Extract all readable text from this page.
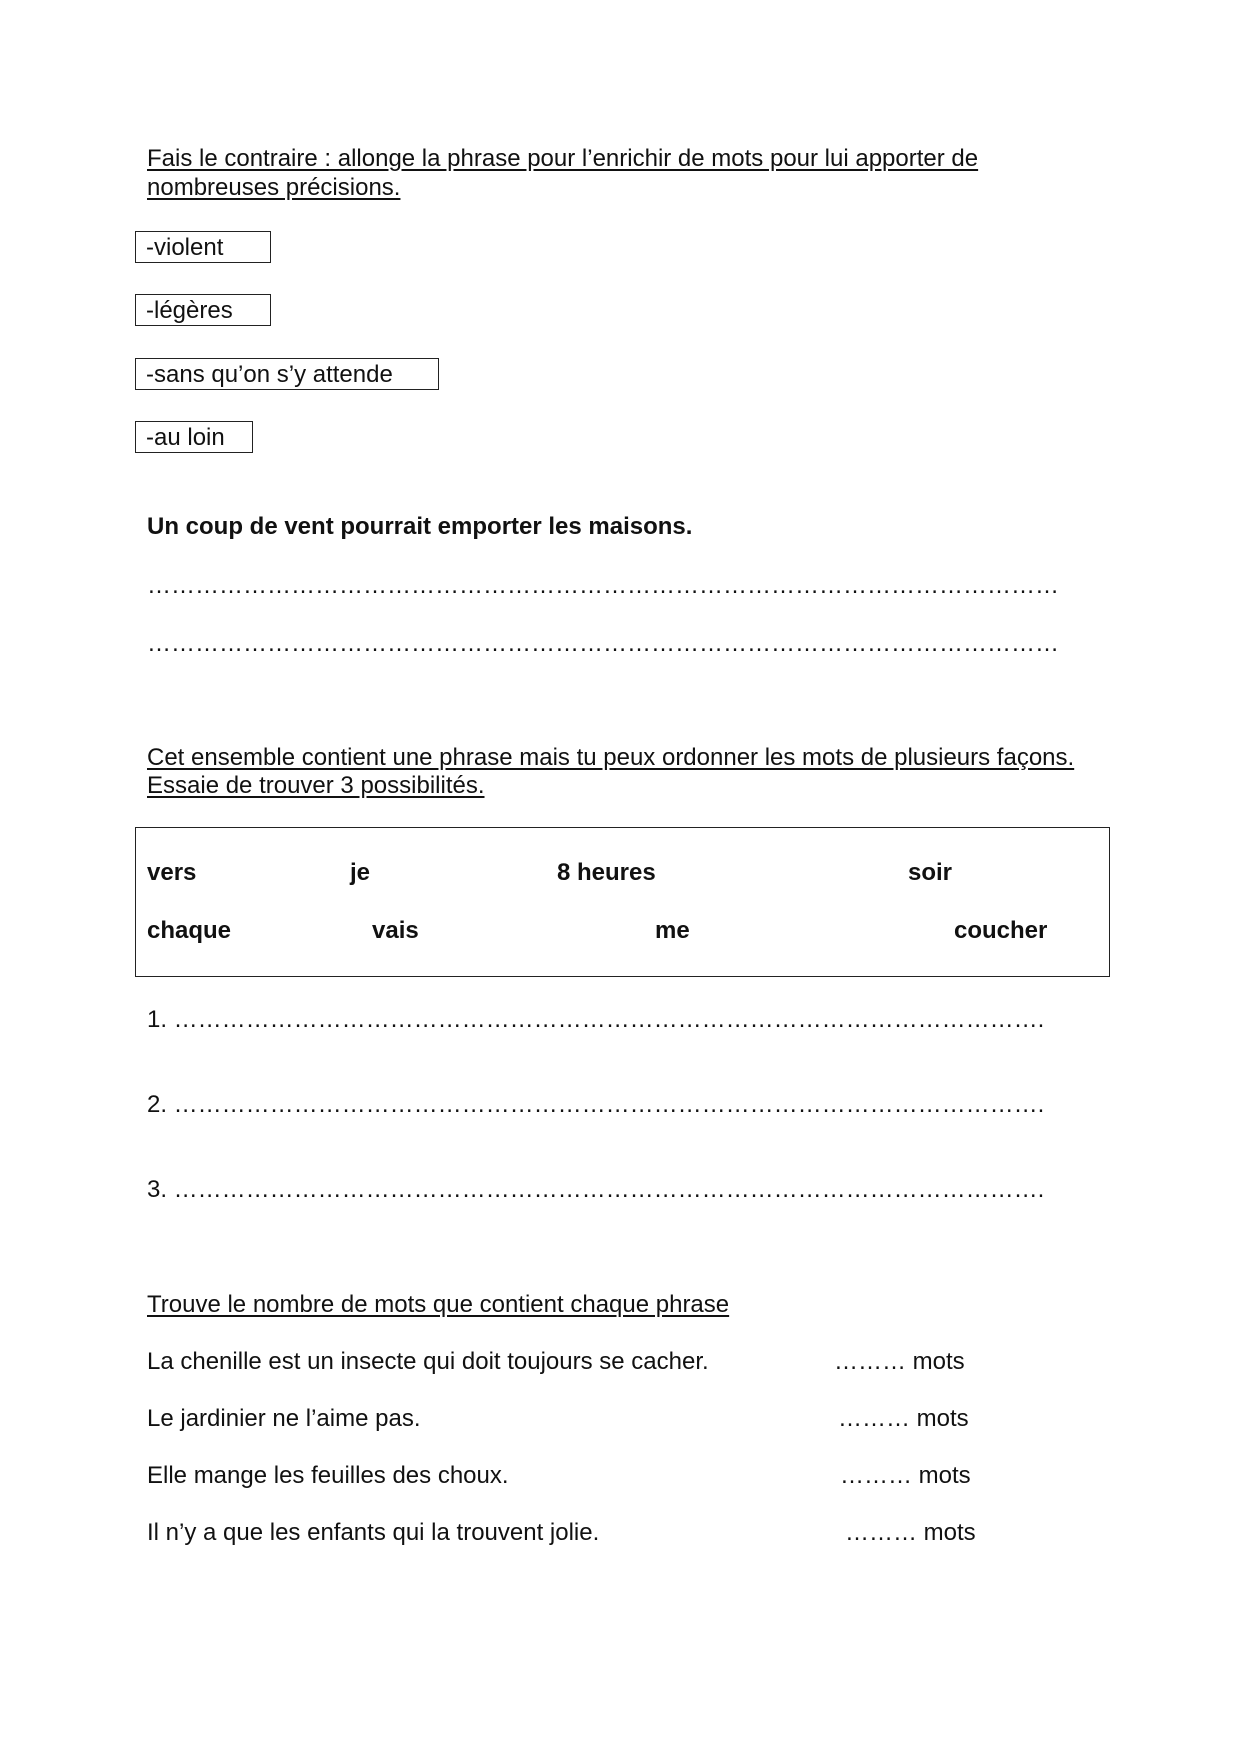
Fais le contraire : allonge la phrase pour l’enrichir de mots pour lui apporter de
nombreuses précisions.
-violent
-légères
-sans qu’on s’y attende
-au loin
Un coup de vent pourrait emporter les maisons.
……………………………………………………………………………………………………
……………………………………………………………………………………………………
Cet ensemble contient une phrase mais tu peux ordonner les mots de plusieurs façons.
Essaie de trouver 3 possibilités.
vers	je	8 heures	soir
chaque	vais	me	coucher
1. ……………………………………………………………………………………………….
2. ……………………………………………………………………………………………….
3. ……………………………………………………………………………………………….
Trouve le nombre de mots que contient chaque phrase
La chenille est un insecte qui doit toujours se cacher.	……… mots
Le jardinier ne l’aime pas.	……… mots
Elle mange les feuilles des choux.	……… mots
Il n’y a que les enfants qui la trouvent jolie.	……… mots
